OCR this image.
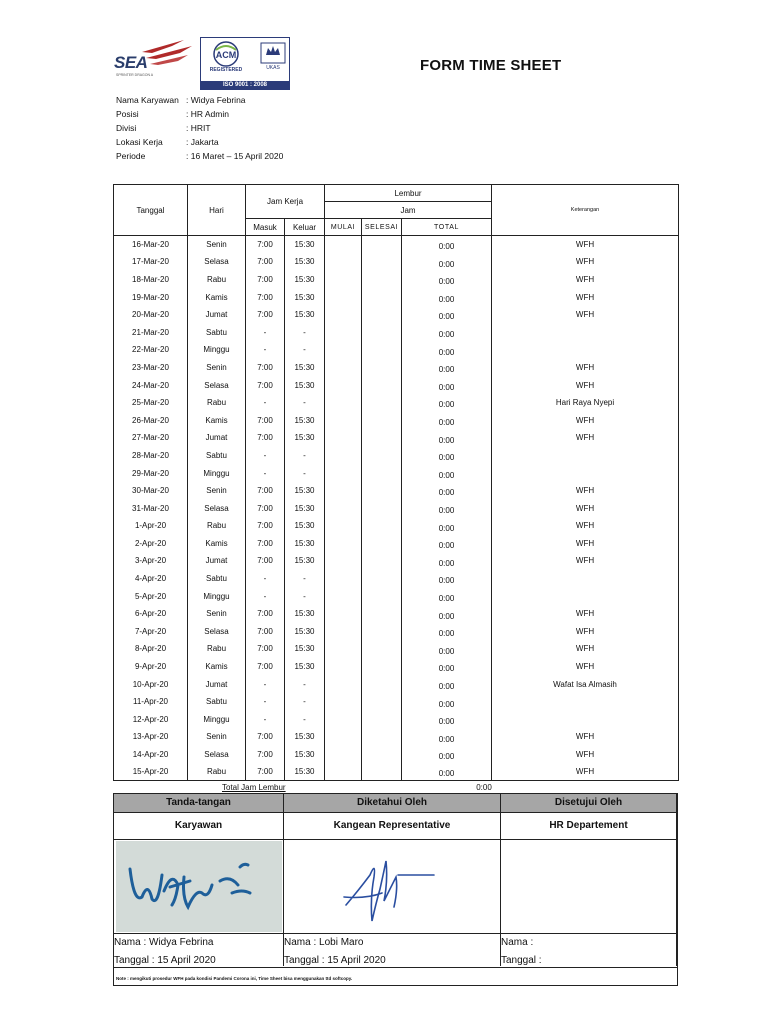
SEA
SPRINTER DRAGON A
ACM
REGISTERED	UKAS
ISO 9001 : 2008
FORM TIME SHEET
Nama Karyawan : Widya Febrina
Posisi	: HR Admin
Divisi	: HRIT
Lokasi Kerja	: Jakarta
Periode	: 16 Maret – 15 April 2020
Tanggal	Hari	Jam Kerja		Lembur			Keterangan
				Jam			
		Masuk	Keluar	MULAI	SELESAI	TOTAL	
16-Mar-20	Senin	7:00	15:30			0:00	WFH
17-Mar-20	Selasa	7:00	15:30			0:00	WFH
18-Mar-20	Rabu	7:00	15:30			0:00	WFH
19-Mar-20	Kamis	7:00	15:30			0:00	WFH
20-Mar-20	Jumat	7:00	15:30			0:00	WFH
21-Mar-20	Sabtu	-	-			0:00	
22-Mar-20	Minggu	-	-			0:00	
23-Mar-20	Senin	7:00	15:30			0:00	WFH
24-Mar-20	Selasa	7:00	15:30			0:00	WFH
25-Mar-20	Rabu	-	-			0:00	Hari Raya Nyepi
26-Mar-20	Kamis	7:00	15:30			0:00	WFH
27-Mar-20	Jumat	7:00	15:30			0:00	WFH
28-Mar-20	Sabtu	-	-			0:00	
29-Mar-20	Minggu	-	-			0:00	
30-Mar-20	Senin	7:00	15:30			0:00	WFH
31-Mar-20	Selasa	7:00	15:30			0:00	WFH
1-Apr-20	Rabu	7:00	15:30			0:00	WFH
2-Apr-20	Kamis	7:00	15:30			0:00	WFH
3-Apr-20	Jumat	7:00	15:30			0:00	WFH
4-Apr-20	Sabtu	-	-			0:00	
5-Apr-20	Minggu	-	-			0:00	
6-Apr-20	Senin	7:00	15:30			0:00	WFH
7-Apr-20	Selasa	7:00	15:30			0:00	WFH
8-Apr-20	Rabu	7:00	15:30			0:00	WFH
9-Apr-20	Kamis	7:00	15:30			0:00	WFH
10-Apr-20	Jumat	-	-			0:00	Wafat Isa Almasih
11-Apr-20	Sabtu	-	-			0:00	
12-Apr-20	Minggu	-	-			0:00	
13-Apr-20	Senin	7:00	15:30			0:00	WFH
14-Apr-20	Selasa	7:00	15:30			0:00	WFH
15-Apr-20	Rabu	7:00	15:30			0:00	WFH
Total Jam Lembur	0:00
Tanda-tangan
Karyawan
Nama : Widya Febrina
Tanggal : 15 April 2020
Diketahui Oleh
Kangean Representative
Nama : Lobi Maro
Tanggal : 15 April 2020
Disetujui Oleh
HR Departement
Nama :
Tanggal :
Note : mengikuti prosedur WFH pada kondisi Pandemi Corona ini, Time Sheet bisa menggunakan ttd softcopy.
